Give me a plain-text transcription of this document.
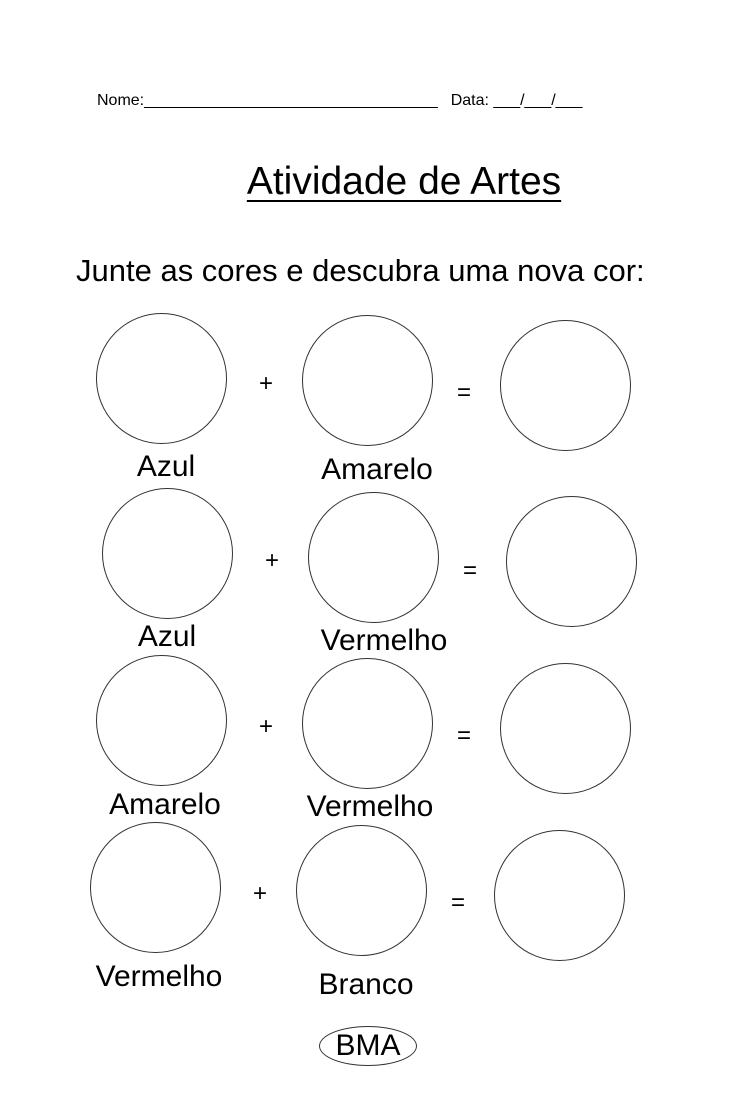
Nome:_________________________________ Data: ___/___/___
Atividade de Artes
Junte as cores e descubra uma nova cor:
+	=
Azul	Amarelo
+	=
Azul	Vermelho
+	=
Amarelo	Vermelho
+	=
Vermelho	Branco
BMA
